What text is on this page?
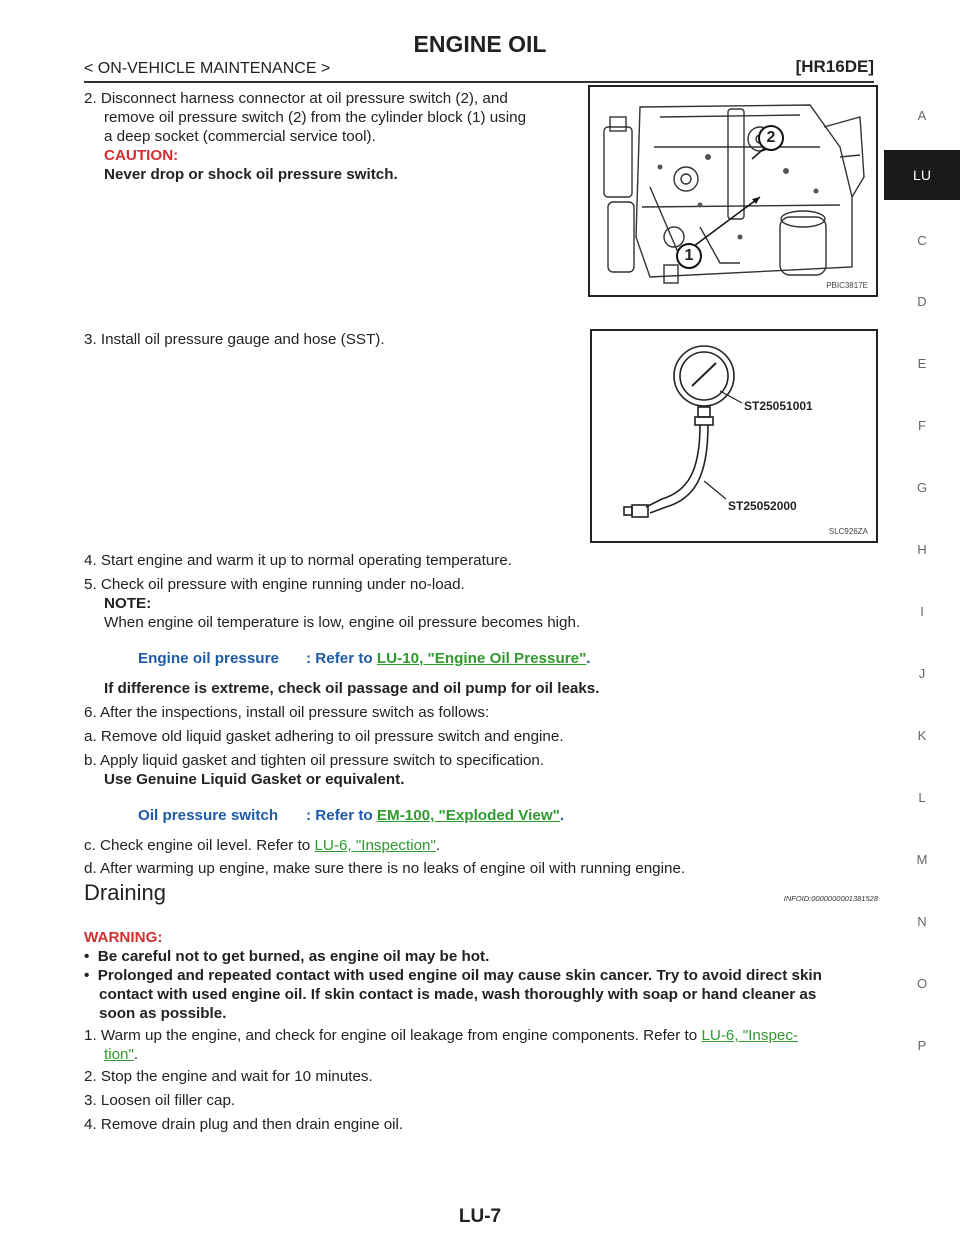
ENGINE OIL
< ON-VEHICLE MAINTENANCE >	[HR16DE]
A
LU
C
D
E
F
G
H
I
J
K
L
M
N
O
P
2. Disconnect harness connector at oil pressure switch (2), and
remove oil pressure switch (2) from the cylinder block (1) using
a deep socket (commercial service tool).
CAUTION:
Never drop or shock oil pressure switch.
1
2
PBIC3817E
3. Install oil pressure gauge and hose (SST).
ST25051001
ST25052000
SLC926ZA
4. Start engine and warm it up to normal operating temperature.
5. Check oil pressure with engine running under no-load.
NOTE:
When engine oil temperature is low, engine oil pressure becomes high.
Engine oil pressure : Refer to LU-10, "Engine Oil Pressure".
If difference is extreme, check oil passage and oil pump for oil leaks.
6. After the inspections, install oil pressure switch as follows:
a. Remove old liquid gasket adhering to oil pressure switch and engine.
b. Apply liquid gasket and tighten oil pressure switch to specification.
Use Genuine Liquid Gasket or equivalent.
Oil pressure switch : Refer to EM-100, "Exploded View".
c. Check engine oil level. Refer to LU-6, "Inspection".
d. After warming up engine, make sure there is no leaks of engine oil with running engine.
Draining	INFOID:0000000001381528
WARNING:
•  Be careful not to get burned, as engine oil may be hot.
•  Prolonged and repeated contact with used engine oil may cause skin cancer. Try to avoid direct skin
contact with used engine oil. If skin contact is made, wash thoroughly with soap or hand cleaner as
soon as possible.
1. Warm up the engine, and check for engine oil leakage from engine components. Refer to LU-6, "Inspec-
tion".
2. Stop the engine and wait for 10 minutes.
3. Loosen oil filler cap.
4. Remove drain plug and then drain engine oil.
LU-7
